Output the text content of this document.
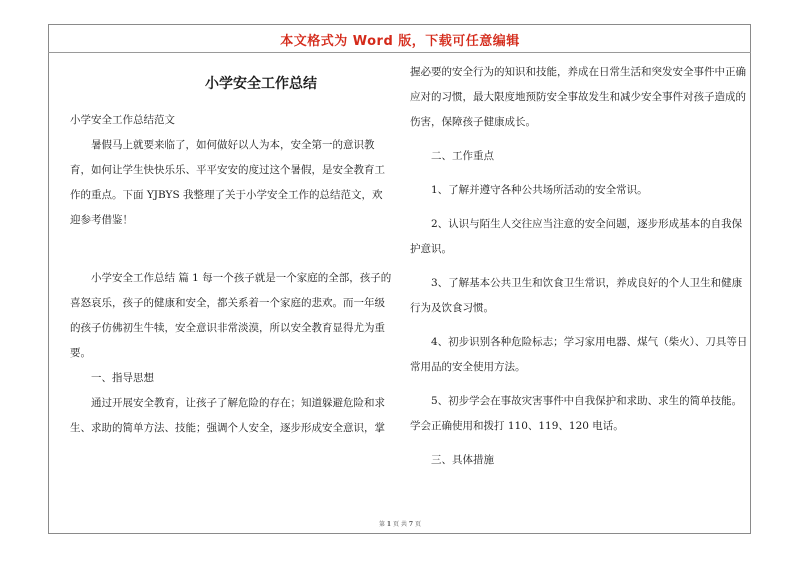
本文格式为 Word 版，下载可任意编辑

小学安全工作总结

小学安全工作总结范文

暑假马上就要来临了，如何做好以人为本，安全第一的意识教育，如何让学生快快乐乐、平平安安的度过这个暑假，是安全教育工作的重点。下面 YJBYS 我整理了关于小学安全工作的总结范文，欢迎参考借鉴！

小学安全工作总结 篇 1 每一个孩子就是一个家庭的全部，孩子的喜怒哀乐，孩子的健康和安全，都关系着一个家庭的悲欢。而一年级的孩子仿佛初生牛犊，安全意识非常淡漠，所以安全教育显得尤为重要。

一、指导思想

通过开展安全教育，让孩子了解危险的存在；知道躲避危险和求生、求助的简单方法、技能；强调个人安全，逐步形成安全意识，掌

握必要的安全行为的知识和技能，养成在日常生活和突发安全事件中正确应对的习惯，最大限度地预防安全事故发生和减少安全事件对孩子造成的伤害，保障孩子健康成长。

二、工作重点

1、了解并遵守各种公共场所活动的安全常识。

2、认识与陌生人交往应当注意的安全问题，逐步形成基本的自我保护意识。

3、了解基本公共卫生和饮食卫生常识，养成良好的个人卫生和健康行为及饮食习惯。

4、初步识别各种危险标志；学习家用电器、煤气（柴火）、刀具等日常用品的安全使用方法。

5、初步学会在事故灾害事件中自我保护和求助、求生的简单技能。学会正确使用和拨打 110、119、120 电话。

三、具体措施

第 1 页 共 7 页
